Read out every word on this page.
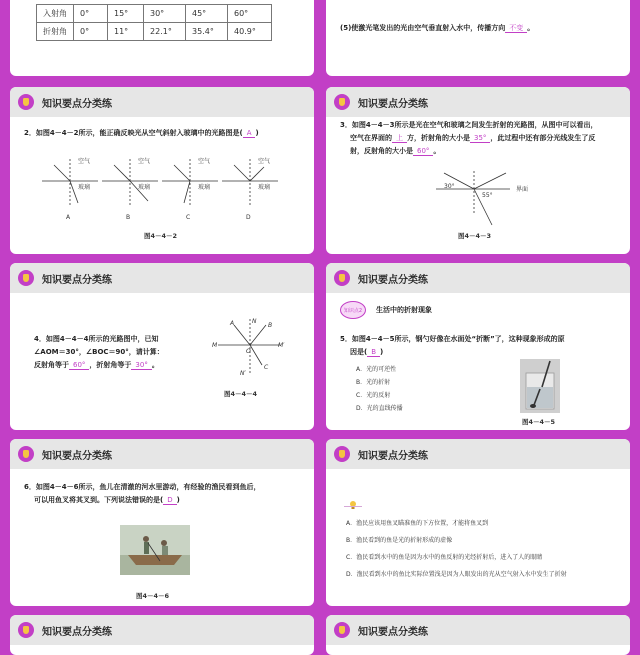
入射角	0°	15°	30°	45°	60°
折射角	0°	11°	22.1°	35.4°	40.9°	(5)使激光笔发出的光由空气垂直射入水中，传播方向 不变 。
知识要点分类练
2．如图4－4－2所示，能正确反映光从空气斜射入玻璃中的光路图是( A )
空气
玻璃
A
空气
玻璃
B
空气
玻璃
C
空气
玻璃
D
图4－4－2
知识要点分类练
3．如图4－4－3所示是光在空气和玻璃之间发生折射的光路图，从图中可以看出，
空气在界面的 上 方，折射角的大小是 35° ，此过程中还有部分光线发生了反
射，反射角的大小是 60° 。
30°
55°
界面
图4－4－3
知识要点分类练
4．如图4－4－4所示的光路图中，已知
∠AOM＝30°，∠BOC＝90°，请计算：
反射角等于 60° ，折射角等于 30° 。
A	N
B
M
O
M′
C
N′
图4－4－4
知识要点分类练
知识点2 生活中的折射现象
5．如图4－4－5所示，钢勺好像在水面处“折断”了，这种现象形成的原
因是( B )
A．光的可逆性
B．光的折射
C．光的反射
D．光的直线传播
图4－4－5
知识要点分类练
6．如图4－4－6所示，鱼儿在清澈的河水里游动，有经验的渔民看到鱼后，
可以用鱼叉将其叉到。下列说法错误的是( D )
图4－4－6
知识要点分类练
A．渔民应该用鱼叉瞄准鱼的下方位置，才能将鱼叉到
B．渔民看到的鱼是光的折射形成的虚像
C．渔民看到水中的鱼是因为水中的鱼反射的光经折射后，进入了人的眼睛
D．渔民看到水中的鱼比实际位置浅是因为人眼发出的光从空气射入水中发生了折射
知识要点分类练	知识要点分类练
